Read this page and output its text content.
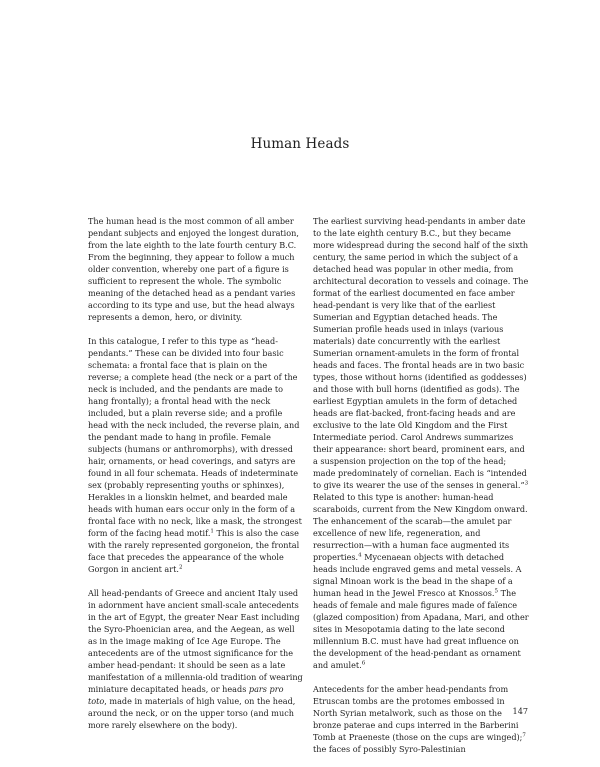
Human Heads

The human head is the most common of all amber pendant subjects and enjoyed the longest duration, from the late eighth to the late fourth century B.C. From the beginning, they appear to follow a much older convention, whereby one part of a figure is sufficient to represent the whole. The symbolic meaning of the detached head as a pendant varies according to its type and use, but the head always represents a demon, hero, or divinity.

In this catalogue, I refer to this type as “head-pendants.” These can be divided into four basic schemata: a frontal face that is plain on the reverse; a complete head (the neck or a part of the neck is included, and the pendants are made to hang frontally); a frontal head with the neck included, but a plain reverse side; and a profile head with the neck included, the reverse plain, and the pendant made to hang in profile. Female subjects (humans or anthromorphs), with dressed hair, ornaments, or head coverings, and satyrs are found in all four schemata. Heads of indeterminate sex (probably representing youths or sphinxes), Herakles in a lionskin helmet, and bearded male heads with human ears occur only in the form of a frontal face with no neck, like a mask, the strongest form of the facing head motif.$^1$ This is also the case with the rarely represented gorgoneion, the frontal face that precedes the appearance of the whole Gorgon in ancient art.$^2$

All head-pendants of Greece and ancient Italy used in adornment have ancient small-scale antecedents in the art of Egypt, the greater Near East including the Syro-Phoenician area, and the Aegean, as well as in the image making of Ice Age Europe. The antecedents are of the utmost significance for the amber head-pendant: it should be seen as a late manifestation of a millennia-old tradition of wearing miniature decapitated heads, or heads pars pro toto, made in materials of high value, on the head, around the neck, or on the upper torso (and much more rarely elsewhere on the body).

The earliest surviving head-pendants in amber date to the late eighth century B.C., but they became more widespread during the second half of the sixth century, the same period in which the subject of a detached head was popular in other media, from architectural decoration to vessels and coinage. The format of the earliest documented en face amber head-pendant is very like that of the earliest Sumerian and Egyptian detached heads. The Sumerian profile heads used in inlays (various materials) date concurrently with the earliest Sumerian ornament-amulets in the form of frontal heads and faces. The frontal heads are in two basic types, those without horns (identified as goddesses) and those with bull horns (identified as gods). The earliest Egyptian amulets in the form of detached heads are flat-backed, front-facing heads and are exclusive to the late Old Kingdom and the First Intermediate period. Carol Andrews summarizes their appearance: short beard, prominent ears, and a suspension projection on the top of the head; made predominately of cornelian. Each is “intended to give its wearer the use of the senses in general.”$^3$ Related to this type is another: human-head scaraboids, current from the New Kingdom onward. The enhancement of the scarab—the amulet par excellence of new life, regeneration, and resurrection—with a human face augmented its properties.$^4$ Mycenaean objects with detached heads include engraved gems and metal vessels. A signal Minoan work is the bead in the shape of a human head in the Jewel Fresco at Knossos.$^5$ The heads of female and male figures made of faïence (glazed composition) from Apadana, Mari, and other sites in Mesopotamia dating to the late second millennium B.C. must have had great influence on the development of the head-pendant as ornament and amulet.$^6$

Antecedents for the amber head-pendants from Etruscan tombs are the protomes embossed in North Syrian metalwork, such as those on the bronze paterae and cups interred in the Barberini Tomb at Praeneste (those on the cups are winged);$^7$ the faces of possibly Syro-Palestinian

147
